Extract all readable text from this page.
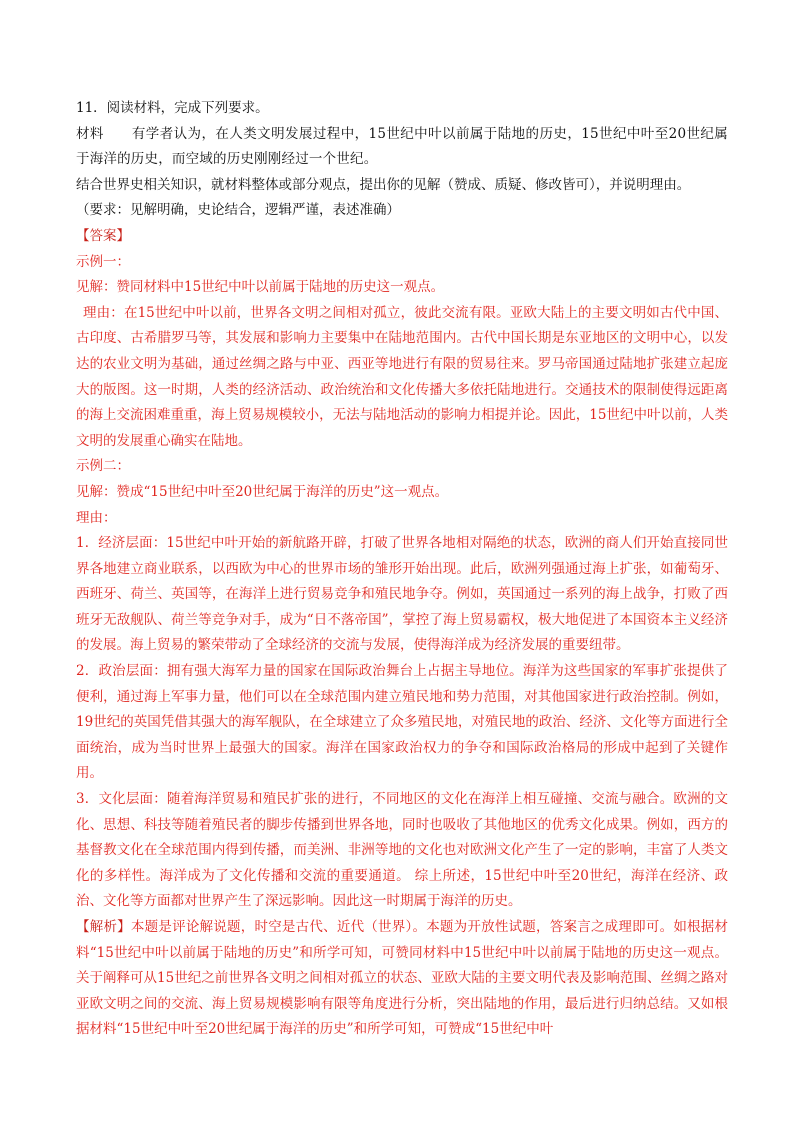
11．阅读材料，完成下列要求。

材料 有学者认为，在人类文明发展过程中，15世纪中叶以前属于陆地的历史，15世纪中叶至20世纪属于海洋的历史，而空域的历史刚刚经过一个世纪。

结合世界史相关知识，就材料整体或部分观点，提出你的见解（赞成、质疑、修改皆可），并说明理由。

（要求：见解明确，史论结合，逻辑严谨，表述准确）

【答案】

示例一：

见解：赞同材料中15世纪中叶以前属于陆地的历史这一观点。

理由：在15世纪中叶以前，世界各文明之间相对孤立，彼此交流有限。亚欧大陆上的主要文明如古代中国、古印度、古希腊罗马等，其发展和影响力主要集中在陆地范围内。古代中国长期是东亚地区的文明中心，以发达的农业文明为基础，通过丝绸之路与中亚、西亚等地进行有限的贸易往来。罗马帝国通过陆地扩张建立起庞大的版图。这一时期，人类的经济活动、政治统治和文化传播大多依托陆地进行。交通技术的限制使得远距离的海上交流困难重重，海上贸易规模较小，无法与陆地活动的影响力相提并论。因此，15世纪中叶以前，人类文明的发展重心确实在陆地。

示例二：

见解：赞成“15世纪中叶至20世纪属于海洋的历史”这一观点。

理由：

1．经济层面：15世纪中叶开始的新航路开辟，打破了世界各地相对隔绝的状态，欧洲的商人们开始直接同世界各地建立商业联系，以西欧为中心的世界市场的雏形开始出现。此后，欧洲列强通过海上扩张，如葡萄牙、西班牙、荷兰、英国等，在海洋上进行贸易竞争和殖民地争夺。例如，英国通过一系列的海上战争，打败了西班牙无敌舰队、荷兰等竞争对手，成为“日不落帝国”，掌控了海上贸易霸权，极大地促进了本国资本主义经济的发展。海上贸易的繁荣带动了全球经济的交流与发展，使得海洋成为经济发展的重要纽带。

2．政治层面：拥有强大海军力量的国家在国际政治舞台上占据主导地位。海洋为这些国家的军事扩张提供了便利，通过海上军事力量，他们可以在全球范围内建立殖民地和势力范围，对其他国家进行政治控制。例如，19世纪的英国凭借其强大的海军舰队，在全球建立了众多殖民地，对殖民地的政治、经济、文化等方面进行全面统治，成为当时世界上最强大的国家。海洋在国家政治权力的争夺和国际政治格局的形成中起到了关键作用。

3．文化层面：随着海洋贸易和殖民扩张的进行，不同地区的文化在海洋上相互碰撞、交流与融合。欧洲的文化、思想、科技等随着殖民者的脚步传播到世界各地，同时也吸收了其他地区的优秀文化成果。例如，西方的基督教文化在全球范围内得到传播，而美洲、非洲等地的文化也对欧洲文化产生了一定的影响，丰富了人类文化的多样性。海洋成为了文化传播和交流的重要通道。 综上所述，15世纪中叶至20世纪，海洋在经济、政治、文化等方面都对世界产生了深远影响。因此这一时期属于海洋的历史。

【解析】本题是评论解说题，时空是古代、近代（世界）。本题为开放性试题，答案言之成理即可。如根据材料“15世纪中叶以前属于陆地的历史”和所学可知，可赞同材料中15世纪中叶以前属于陆地的历史这一观点。关于阐释可从15世纪之前世界各文明之间相对孤立的状态、亚欧大陆的主要文明代表及影响范围、丝绸之路对亚欧文明之间的交流、海上贸易规模影响有限等角度进行分析，突出陆地的作用，最后进行归纳总结。又如根据材料“15世纪中叶至20世纪属于海洋的历史”和所学可知，可赞成“15世纪中叶
